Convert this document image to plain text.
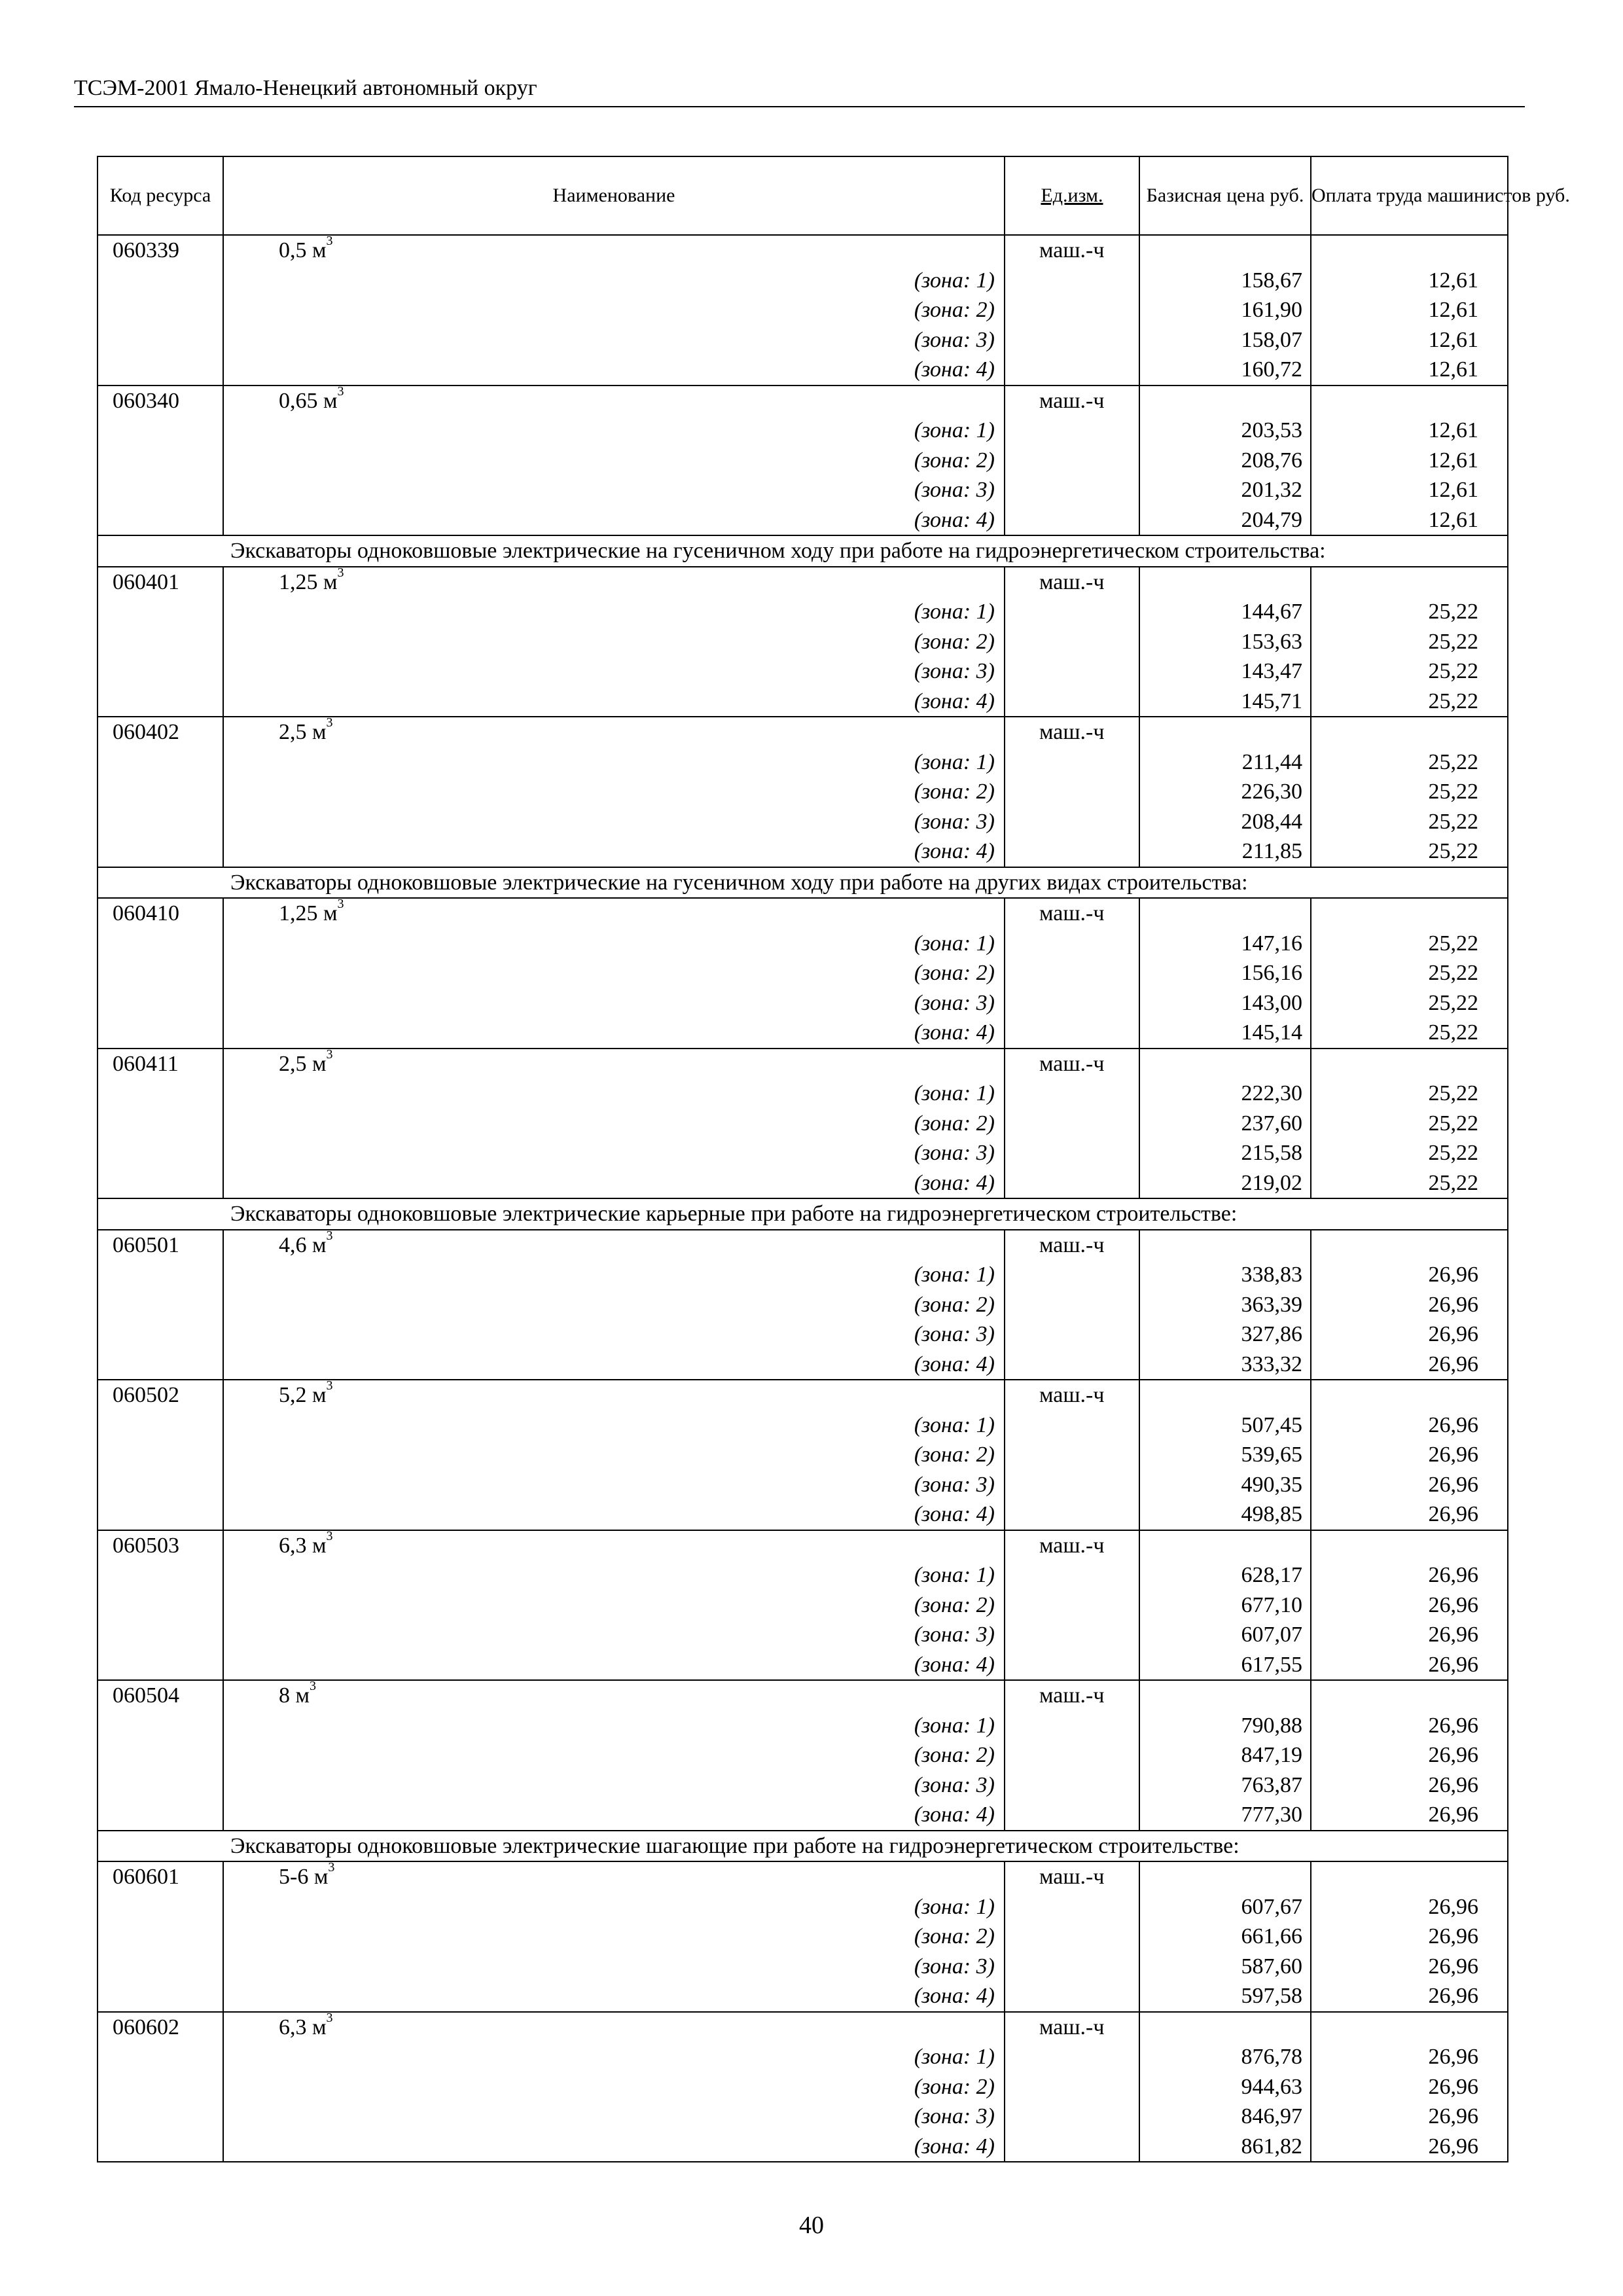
ТСЭМ-2001 Ямало-Ненецкий автономный округ
Код ресурса	Наименование	Ед.изм.	Базисная цена руб.	Оплата труда машинистов руб.
060339	0,5 $м^3$	маш.-ч		
	(зона: 1)		158,67	12,61
	(зона: 2)		161,90	12,61
	(зона: 3)		158,07	12,61
	(зона: 4)		160,72	12,61
060340	0,65 $м^3$	маш.-ч		
	(зона: 1)		203,53	12,61
	(зона: 2)		208,76	12,61
	(зона: 3)		201,32	12,61
	(зона: 4)		204,79	12,61
Экскаваторы одноковшовые электрические на гусеничном ходу при работе на гидроэнергетическом строительства:				
060401	1,25 $м^3$	маш.-ч		
	(зона: 1)		144,67	25,22
	(зона: 2)		153,63	25,22
	(зона: 3)		143,47	25,22
	(зона: 4)		145,71	25,22
060402	2,5 $м^3$	маш.-ч		
	(зона: 1)		211,44	25,22
	(зона: 2)		226,30	25,22
	(зона: 3)		208,44	25,22
	(зона: 4)		211,85	25,22
Экскаваторы одноковшовые электрические на гусеничном ходу при работе на других видах строительства:				
060410	1,25 $м^3$	маш.-ч		
	(зона: 1)		147,16	25,22
	(зона: 2)		156,16	25,22
	(зона: 3)		143,00	25,22
	(зона: 4)		145,14	25,22
060411	2,5 $м^3$	маш.-ч		
	(зона: 1)		222,30	25,22
	(зона: 2)		237,60	25,22
	(зона: 3)		215,58	25,22
	(зона: 4)		219,02	25,22
Экскаваторы одноковшовые электрические карьерные при работе на гидроэнергетическом строительстве:				
060501	4,6 $м^3$	маш.-ч		
	(зона: 1)		338,83	26,96
	(зона: 2)		363,39	26,96
	(зона: 3)		327,86	26,96
	(зона: 4)		333,32	26,96
060502	5,2 $м^3$	маш.-ч		
	(зона: 1)		507,45	26,96
	(зона: 2)		539,65	26,96
	(зона: 3)		490,35	26,96
	(зона: 4)		498,85	26,96
060503	6,3 $м^3$	маш.-ч		
	(зона: 1)		628,17	26,96
	(зона: 2)		677,10	26,96
	(зона: 3)		607,07	26,96
	(зона: 4)		617,55	26,96
060504	8 $м^3$	маш.-ч		
	(зона: 1)		790,88	26,96
	(зона: 2)		847,19	26,96
	(зона: 3)		763,87	26,96
	(зона: 4)		777,30	26,96
Экскаваторы одноковшовые электрические шагающие при работе на гидроэнергетическом строительстве:				
060601	5-6 $м^3$	маш.-ч		
	(зона: 1)		607,67	26,96
	(зона: 2)		661,66	26,96
	(зона: 3)		587,60	26,96
	(зона: 4)		597,58	26,96
060602	6,3 $м^3$	маш.-ч		
	(зона: 1)		876,78	26,96
	(зона: 2)		944,63	26,96
	(зона: 3)		846,97	26,96
	(зона: 4)		861,82	26,96
40
